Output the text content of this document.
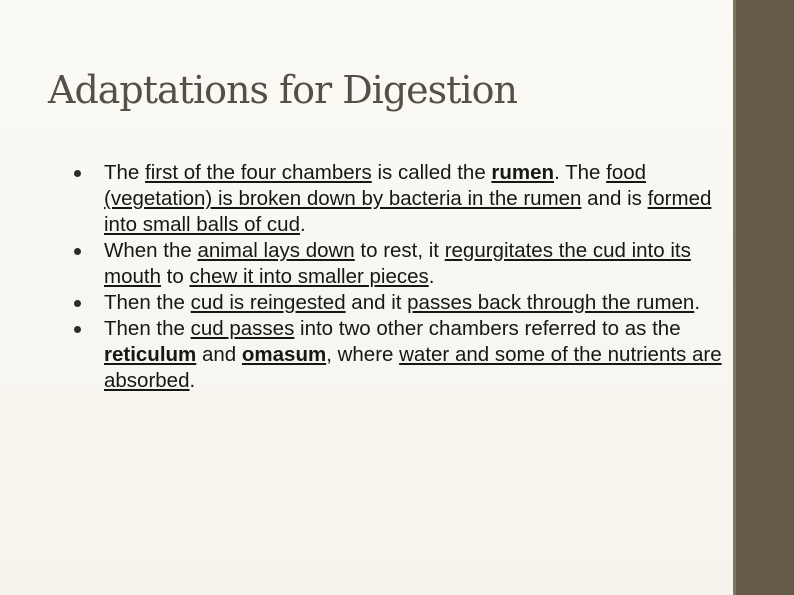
Adaptations for Digestion
The first of the four chambers is called the rumen. The food (vegetation) is broken down by bacteria in the rumen and is formed into small balls of cud.
When the animal lays down to rest, it regurgitates the cud into its mouth to chew it into smaller pieces.
Then the cud is reingested and it passes back through the rumen.
Then the cud passes into two other chambers referred to as the reticulum and omasum, where water and some of the nutrients are absorbed.
